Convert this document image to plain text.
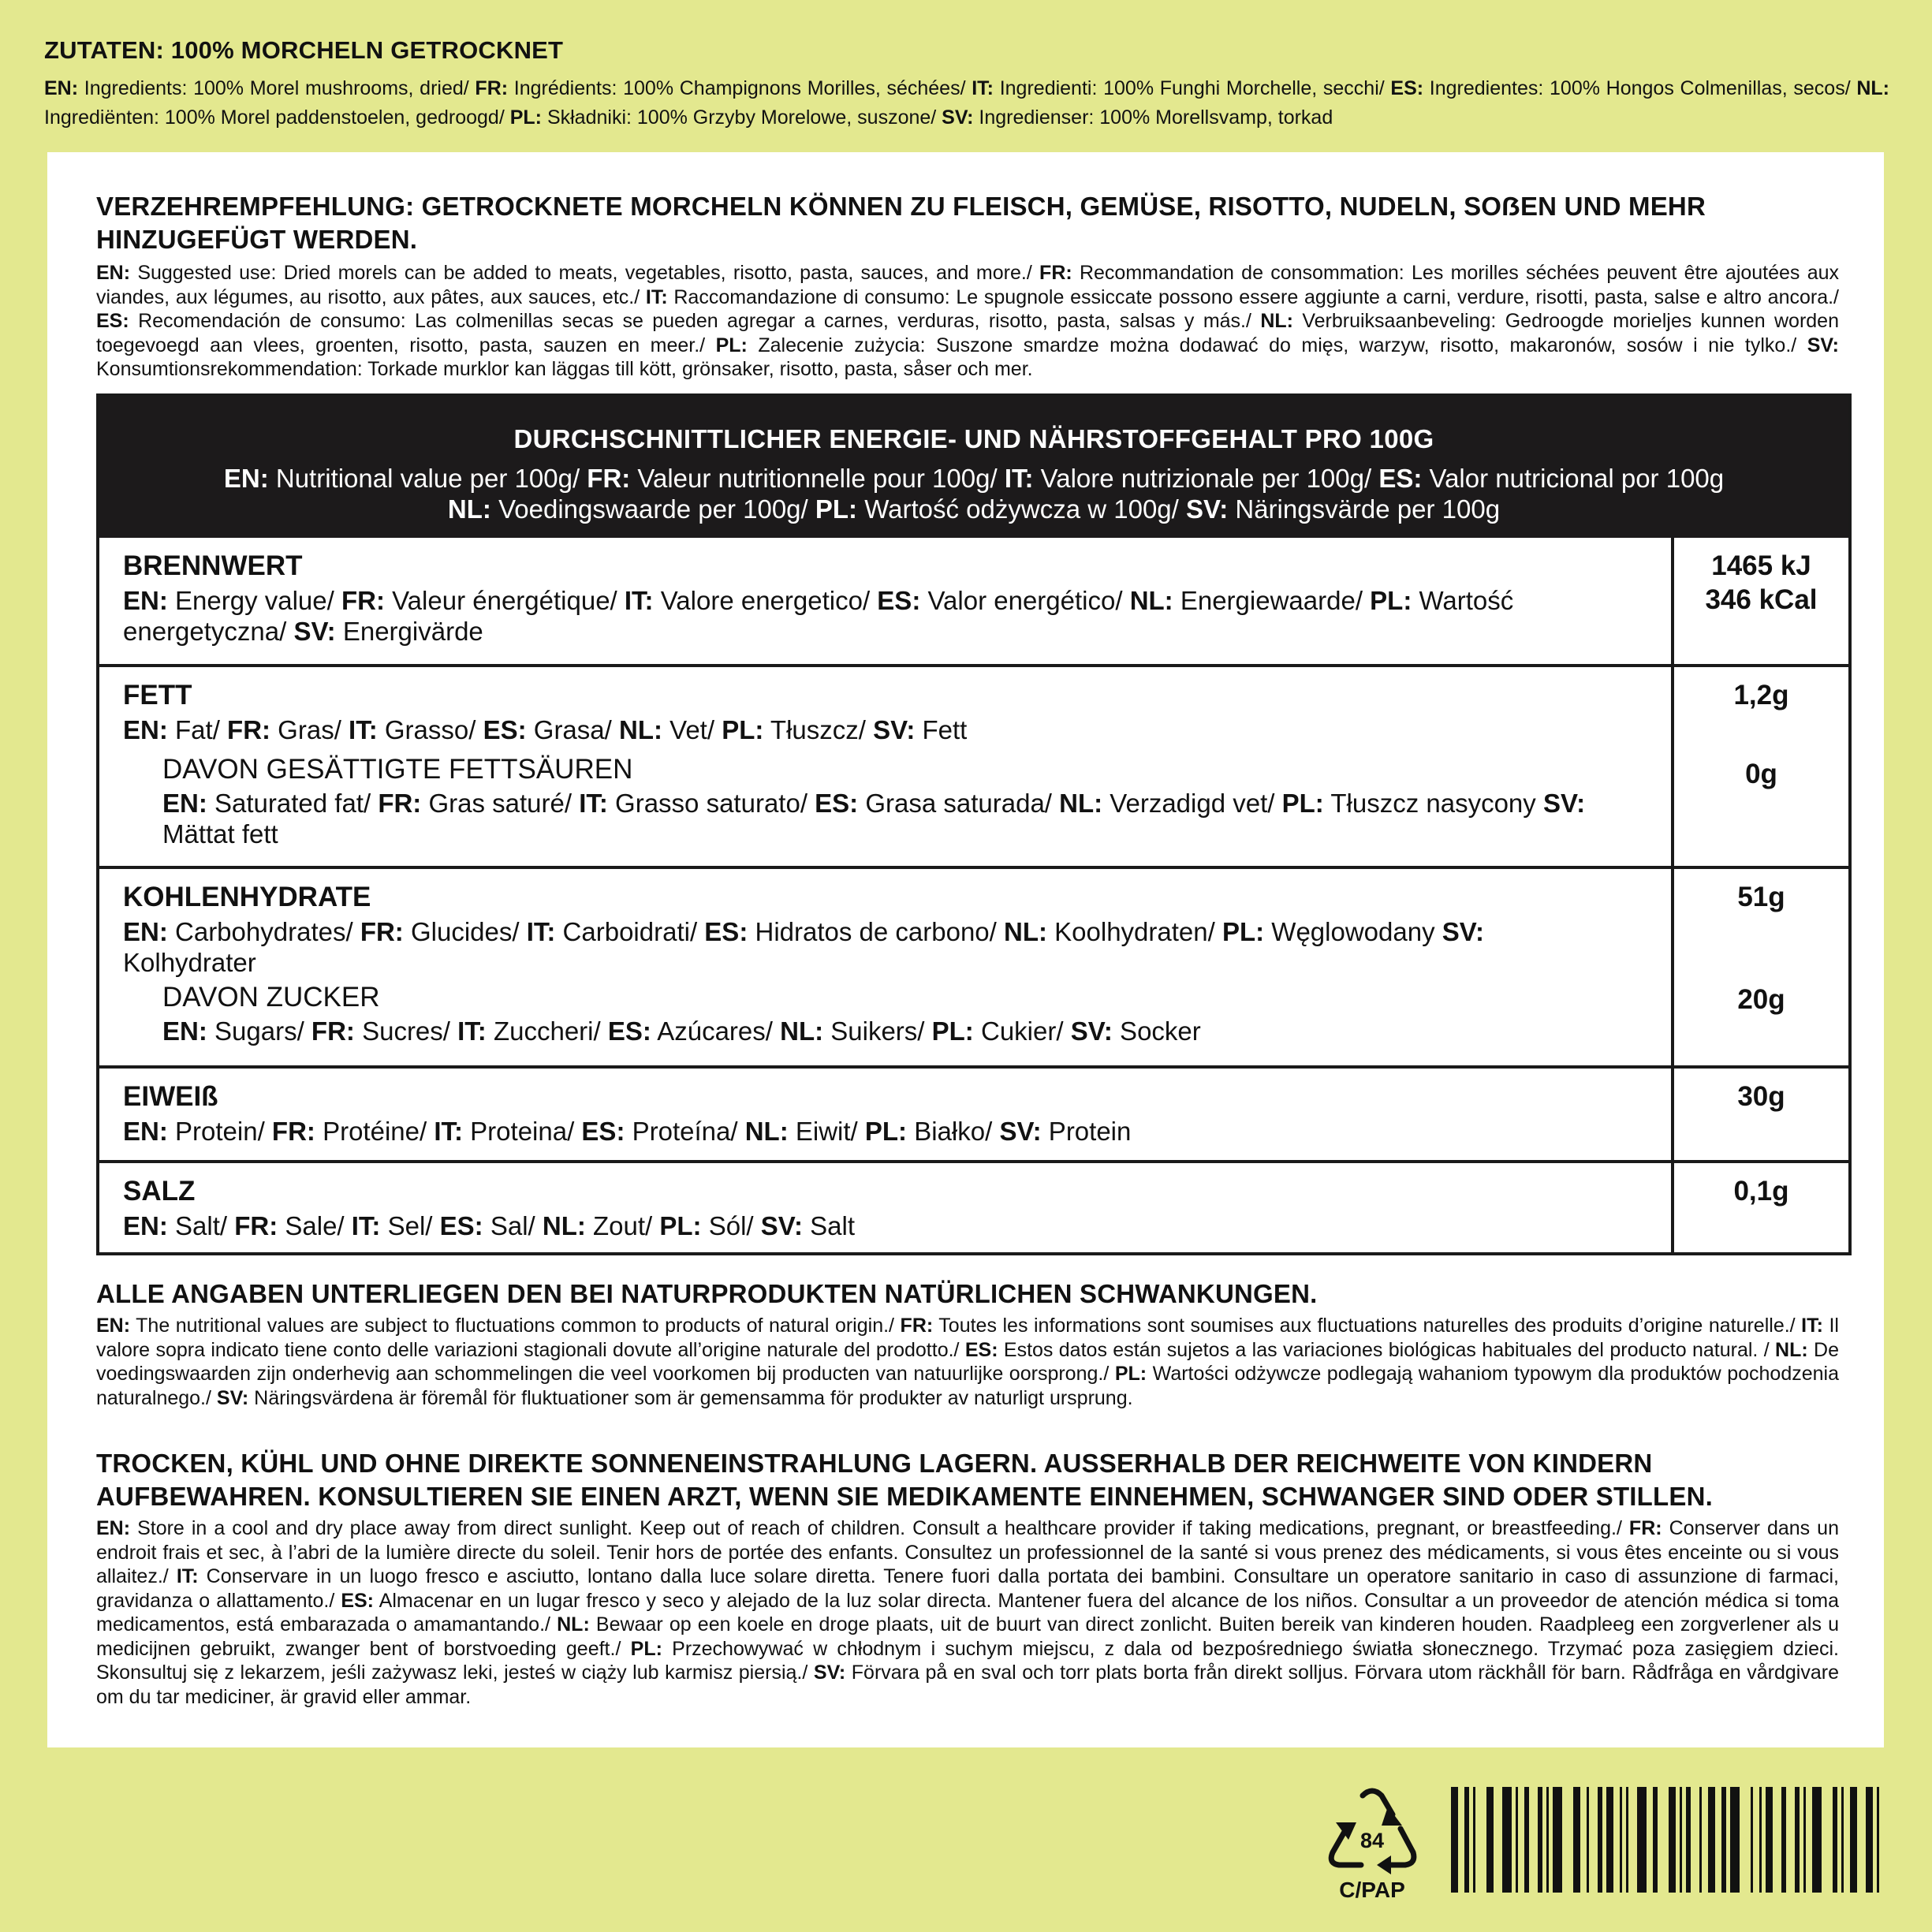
ZUTATEN: 100% MORCHELN GETROCKNET
EN: Ingredients: 100% Morel mushrooms, dried/ FR: Ingrédients: 100% Champignons Morilles, séchées/ IT: Ingredienti: 100% Funghi Morchelle, secchi/ ES: Ingredientes: 100% Hongos Colmenillas, secos/ NL: Ingrediënten: 100% Morel paddenstoelen, gedroogd/ PL: Składniki: 100% Grzyby Morelowe, suszone/ SV: Ingredienser: 100% Morellsvamp, torkad
VERZEHREMPFEHLUNG: GETROCKNETE MORCHELN KÖNNEN ZU FLEISCH, GEMÜSE, RISOTTO, NUDELN, SOẞEN UND MEHR HINZUGEFÜGT WERDEN.
EN: Suggested use: Dried morels can be added to meats, vegetables, risotto, pasta, sauces, and more./ FR: Recommandation de consommation: Les morilles séchées peuvent être ajoutées aux viandes, aux légumes, au risotto, aux pâtes, aux sauces, etc./ IT: Raccomandazione di consumo: Le spugnole essiccate possono essere aggiunte a carni, verdure, risotti, pasta, salse e altro ancora./ ES: Recomendación de consumo: Las colmenillas secas se pueden agregar a carnes, verduras, risotto, pasta, salsas y más./ NL: Verbruiksaanbeveling: Gedroogde morieljes kunnen worden toegevoegd aan vlees, groenten, risotto, pasta, sauzen en meer./ PL: Zalecenie zużycia: Suszone smardze można dodawać do mięs, warzyw, risotto, makaronów, sosów i nie tylko./ SV: Konsumtionsrekommendation: Torkade murklor kan läggas till kött, grönsaker, risotto, pasta, såser och mer.
DURCHSCHNITTLICHER ENERGIE- UND NÄHRSTOFFGEHALT PRO 100G
EN: Nutritional value per 100g/ FR: Valeur nutritionnelle pour 100g/ IT: Valore nutrizionale per 100g/ ES: Valor nutricional por 100g
NL: Voedingswaarde per 100g/ PL: Wartość odżywcza w 100g/ SV: Näringsvärde per 100g
BRENNWERT
EN: Energy value/ FR: Valeur énergétique/ IT: Valore energetico/ ES: Valor energético/ NL: Energiewaarde/ PL: Wartość energetyczna/ SV: Energivärde
1465 kJ
346 kCal
FETT
EN: Fat/ FR: Gras/ IT: Grasso/ ES: Grasa/ NL: Vet/ PL: Tłuszcz/ SV: Fett
DAVON GESÄTTIGTE FETTSÄUREN
EN: Saturated fat/ FR: Gras saturé/ IT: Grasso saturato/ ES: Grasa saturada/ NL: Verzadigd vet/ PL: Tłuszcz nasycony SV: Mättat fett
1,2g
0g
KOHLENHYDRATE
EN: Carbohydrates/ FR: Glucides/ IT: Carboidrati/ ES: Hidratos de carbono/ NL: Koolhydraten/ PL: Węglowodany SV: Kolhydrater
DAVON ZUCKER
EN: Sugars/ FR: Sucres/ IT: Zuccheri/ ES: Azúcares/ NL: Suikers/ PL: Cukier/ SV: Socker
51g
20g
EIWEIß
EN: Protein/ FR: Protéine/ IT: Proteina/ ES: Proteína/ NL: Eiwit/ PL: Białko/ SV: Protein
30g
SALZ
EN: Salt/ FR: Sale/ IT: Sel/ ES: Sal/ NL: Zout/ PL: Sól/ SV: Salt
0,1g
ALLE ANGABEN UNTERLIEGEN DEN BEI NATURPRODUKTEN NATÜRLICHEN SCHWANKUNGEN.
EN: The nutritional values are subject to fluctuations common to products of natural origin./ FR: Toutes les informations sont soumises aux fluctuations naturelles des produits d’origine naturelle./ IT: Il valore sopra indicato tiene conto delle variazioni stagionali dovute all’origine naturale del prodotto./ ES: Estos datos están sujetos a las variaciones biológicas habituales del producto natural. / NL: De voedingswaarden zijn onderhevig aan schommelingen die veel voorkomen bij producten van natuurlijke oorsprong./ PL: Wartości odżywcze podlegają wahaniom typowym dla produktów pochodzenia naturalnego./ SV: Näringsvärdena är föremål för fluktuationer som är gemensamma för produkter av naturligt ursprung.
TROCKEN, KÜHL UND OHNE DIREKTE SONNENEINSTRAHLUNG LAGERN. AUSSERHALB DER REICHWEITE VON KINDERN AUFBEWAHREN. KONSULTIEREN SIE EINEN ARZT, WENN SIE MEDIKAMENTE EINNEHMEN, SCHWANGER SIND ODER STILLEN.
EN: Store in a cool and dry place away from direct sunlight. Keep out of reach of children. Consult a healthcare provider if taking medications, pregnant, or breastfeeding./ FR: Conserver dans un endroit frais et sec, à l’abri de la lumière directe du soleil. Tenir hors de portée des enfants. Consultez un professionnel de la santé si vous prenez des médicaments, si vous êtes enceinte ou si vous allaitez./ IT: Conservare in un luogo fresco e asciutto, lontano dalla luce solare diretta. Tenere fuori dalla portata dei bambini. Consultare un operatore sanitario in caso di assunzione di farmaci, gravidanza o allattamento./ ES: Almacenar en un lugar fresco y seco y alejado de la luz solar directa. Mantener fuera del alcance de los niños. Consultar a un proveedor de atención médica si toma medicamentos, está embarazada o amamantando./ NL: Bewaar op een koele en droge plaats, uit de buurt van direct zonlicht. Buiten bereik van kinderen houden. Raadpleeg een zorgverlener als u medicijnen gebruikt, zwanger bent of borstvoeding geeft./ PL: Przechowywać w chłodnym i suchym miejscu, z dala od bezpośredniego światła słonecznego. Trzymać poza zasięgiem dzieci. Skonsultuj się z lekarzem, jeśli zażywasz leki, jesteś w ciąży lub karmisz piersią./ SV: Förvara på en sval och torr plats borta från direkt solljus. Förvara utom räckhåll för barn. Rådfråga en vårdgivare om du tar mediciner, är gravid eller ammar.
84
C/PAP
